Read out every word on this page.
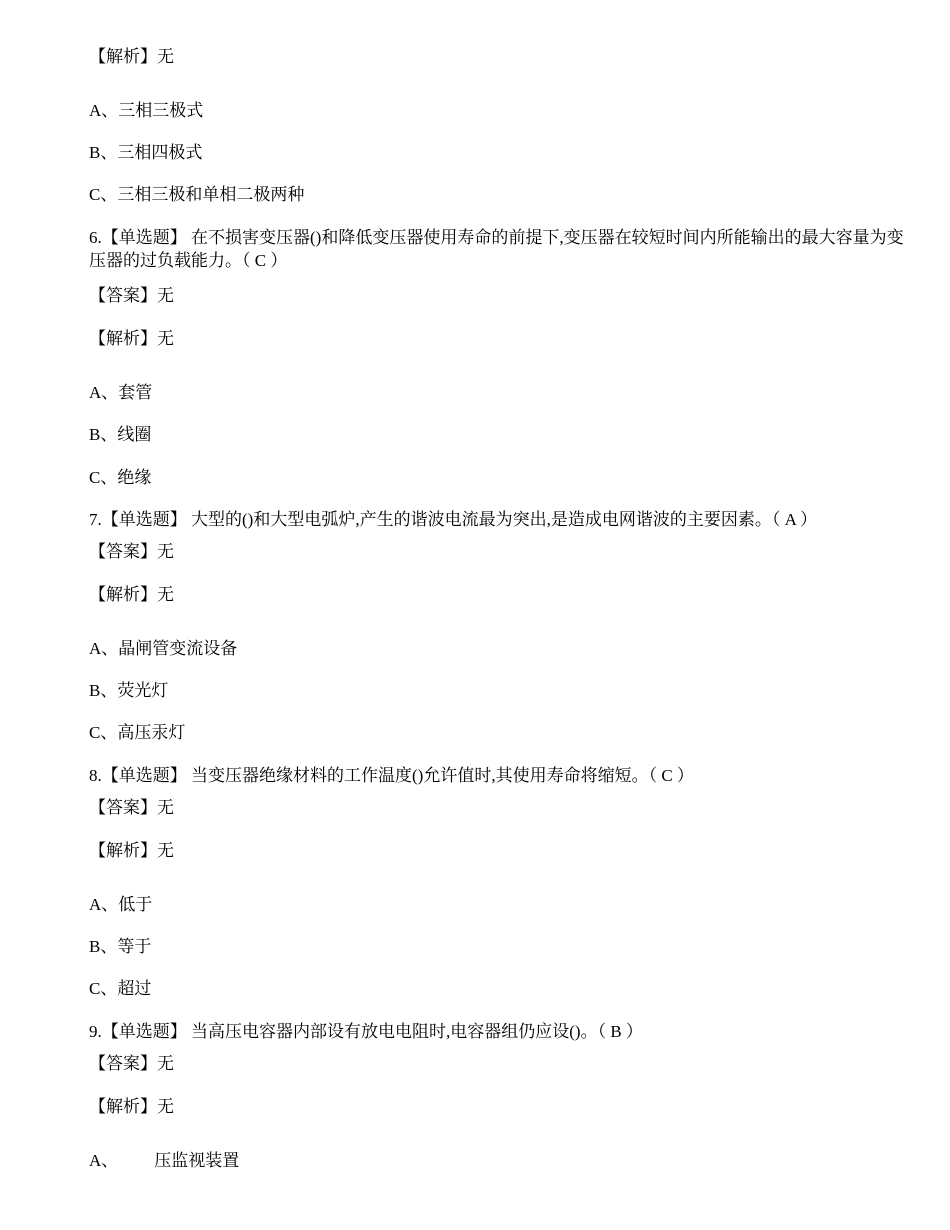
【解析】无
A、三相三极式
B、三相四极式
C、三相三极和单相二极两种
6.【单选题】 在不损害变压器()和降低变压器使用寿命的前提下,变压器在较短时间内所能输出的最大容量为变压器的过负载能力。（ C ）
【答案】无
【解析】无
A、套管
B、线圈
C、绝缘
7.【单选题】 大型的()和大型电弧炉,产生的谐波电流最为突出,是造成电网谐波的主要因素。（ A ）
【答案】无
【解析】无
A、晶闸管变流设备
B、荧光灯
C、高压汞灯
8.【单选题】 当变压器绝缘材料的工作温度()允许值时,其使用寿命将缩短。（ C ）
【答案】无
【解析】无
A、低于
B、等于
C、超过
9.【单选题】 当高压电容器内部设有放电电阻时,电容器组仍应设()。（ B ）
【答案】无
【解析】无
A、 压监视装置
